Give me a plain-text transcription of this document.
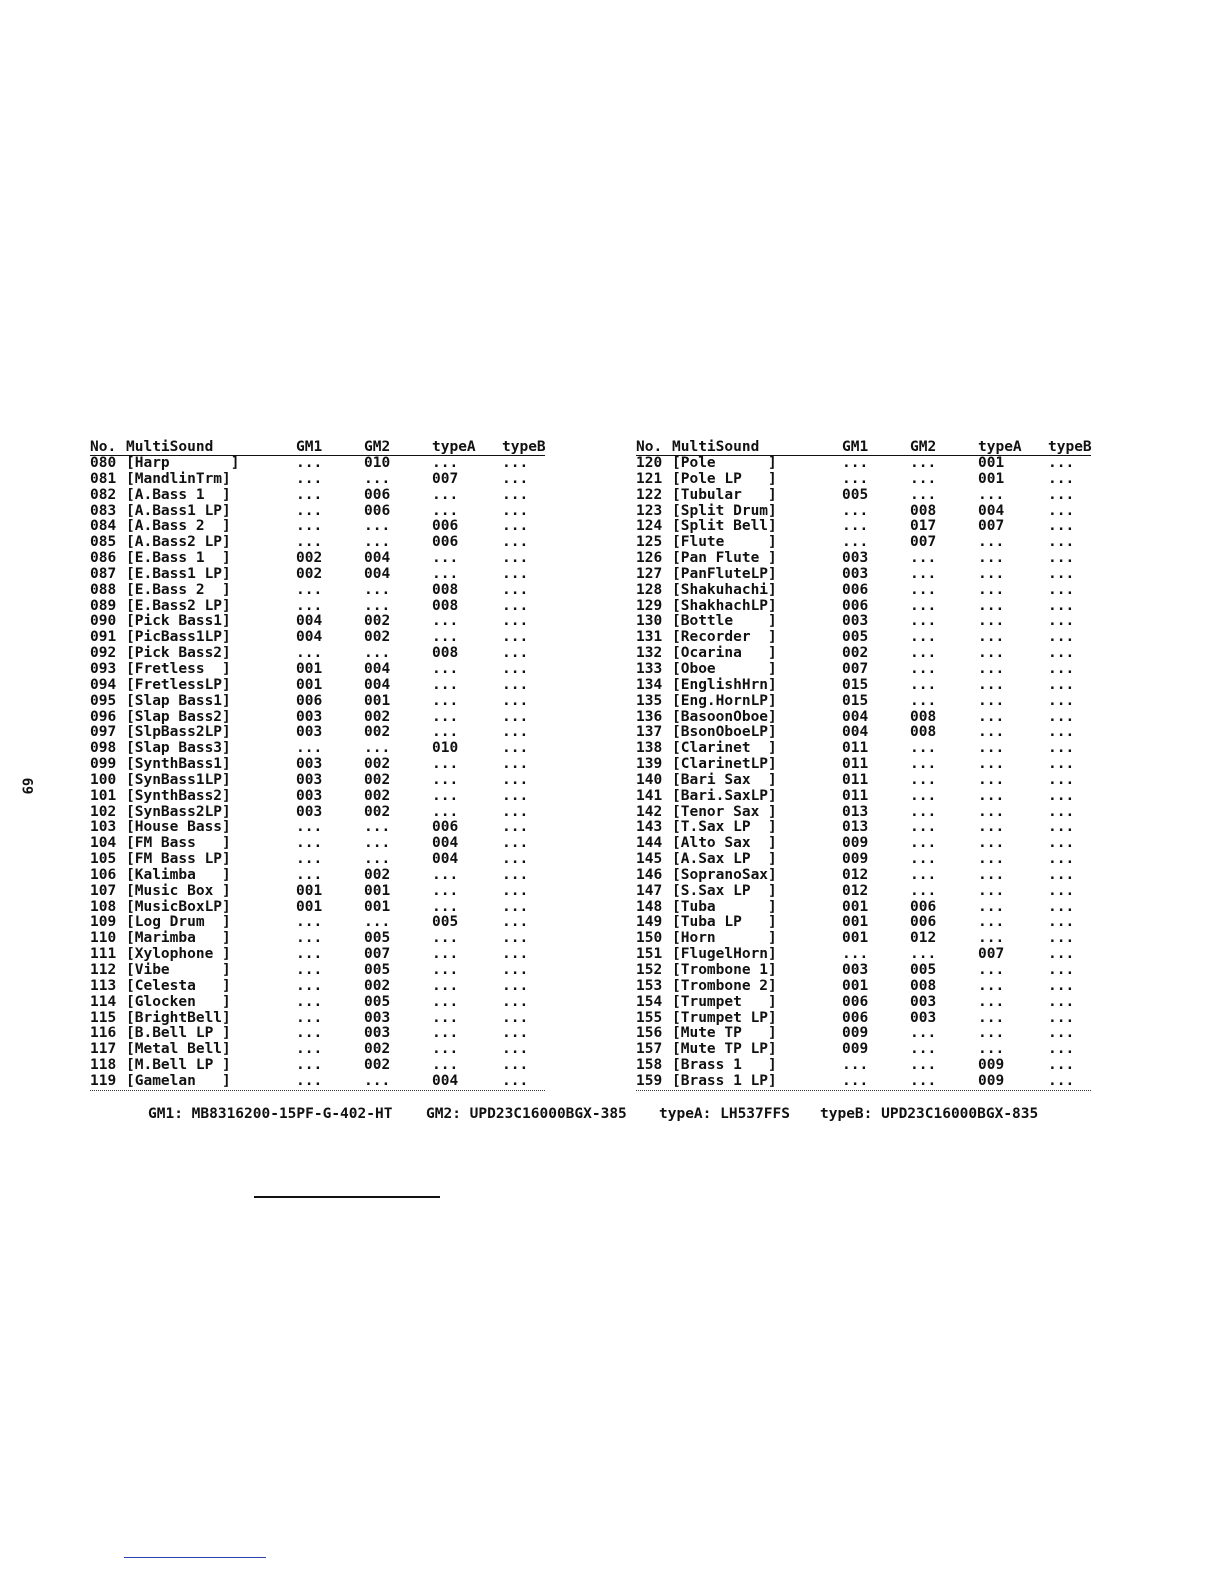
69
No. MultiSound	GM1	GM2	typeA	typeB
080 [Harp       ]	...	010	...	...
081 [MandlinTrm]	...	...	007	...
082 [A.Bass 1  ]	...	006	...	...
083 [A.Bass1 LP]	...	006	...	...
084 [A.Bass 2  ]	...	...	006	...
085 [A.Bass2 LP]	...	...	006	...
086 [E.Bass 1  ]	002	004	...	...
087 [E.Bass1 LP]	002	004	...	...
088 [E.Bass 2  ]	...	...	008	...
089 [E.Bass2 LP]	...	...	008	...
090 [Pick Bass1]	004	002	...	...
091 [PicBass1LP]	004	002	...	...
092 [Pick Bass2]	...	...	008	...
093 [Fretless  ]	001	004	...	...
094 [FretlessLP]	001	004	...	...
095 [Slap Bass1]	006	001	...	...
096 [Slap Bass2]	003	002	...	...
097 [SlpBass2LP]	003	002	...	...
098 [Slap Bass3]	...	...	010	...
099 [SynthBass1]	003	002	...	...
100 [SynBass1LP]	003	002	...	...
101 [SynthBass2]	003	002	...	...
102 [SynBass2LP]	003	002	...	...
103 [House Bass]	...	...	006	...
104 [FM Bass   ]	...	...	004	...
105 [FM Bass LP]	...	...	004	...
106 [Kalimba   ]	...	002	...	...
107 [Music Box ]	001	001	...	...
108 [MusicBoxLP]	001	001	...	...
109 [Log Drum  ]	...	...	005	...
110 [Marimba   ]	...	005	...	...
111 [Xylophone ]	...	007	...	...
112 [Vibe      ]	...	005	...	...
113 [Celesta   ]	...	002	...	...
114 [Glocken   ]	...	005	...	...
115 [BrightBell]	...	003	...	...
116 [B.Bell LP ]	...	003	...	...
117 [Metal Bell]	...	002	...	...
118 [M.Bell LP ]	...	002	...	...
119 [Gamelan   ]	...	...	004	...
No. MultiSound	GM1	GM2	typeA	typeB
120 [Pole      ]	...	...	001	...
121 [Pole LP   ]	...	...	001	...
122 [Tubular   ]	005	...	...	...
123 [Split Drum]	...	008	004	...
124 [Split Bell]	...	017	007	...
125 [Flute     ]	...	007	...	...
126 [Pan Flute ]	003	...	...	...
127 [PanFluteLP]	003	...	...	...
128 [Shakuhachi]	006	...	...	...
129 [ShakhachLP]	006	...	...	...
130 [Bottle    ]	003	...	...	...
131 [Recorder  ]	005	...	...	...
132 [Ocarina   ]	002	...	...	...
133 [Oboe      ]	007	...	...	...
134 [EnglishHrn]	015	...	...	...
135 [Eng.HornLP]	015	...	...	...
136 [BasoonOboe]	004	008	...	...
137 [BsonOboeLP]	004	008	...	...
138 [Clarinet  ]	011	...	...	...
139 [ClarinetLP]	011	...	...	...
140 [Bari Sax  ]	011	...	...	...
141 [Bari.SaxLP]	011	...	...	...
142 [Tenor Sax ]	013	...	...	...
143 [T.Sax LP  ]	013	...	...	...
144 [Alto Sax  ]	009	...	...	...
145 [A.Sax LP  ]	009	...	...	...
146 [SopranoSax]	012	...	...	...
147 [S.Sax LP  ]	012	...	...	...
148 [Tuba      ]	001	006	...	...
149 [Tuba LP   ]	001	006	...	...
150 [Horn      ]	001	012	...	...
151 [FlugelHorn]	...	...	007	...
152 [Trombone 1]	003	005	...	...
153 [Trombone 2]	001	008	...	...
154 [Trumpet   ]	006	003	...	...
155 [Trumpet LP]	006	003	...	...
156 [Mute TP   ]	009	...	...	...
157 [Mute TP LP]	009	...	...	...
158 [Brass 1   ]	...	...	009	...
159 [Brass 1 LP]	...	...	009	...
GM1: MB8316200-15PF-G-402-HT GM2: UPD23C16000BGX-385 typeA: LH537FFS typeB: UPD23C16000BGX-835
